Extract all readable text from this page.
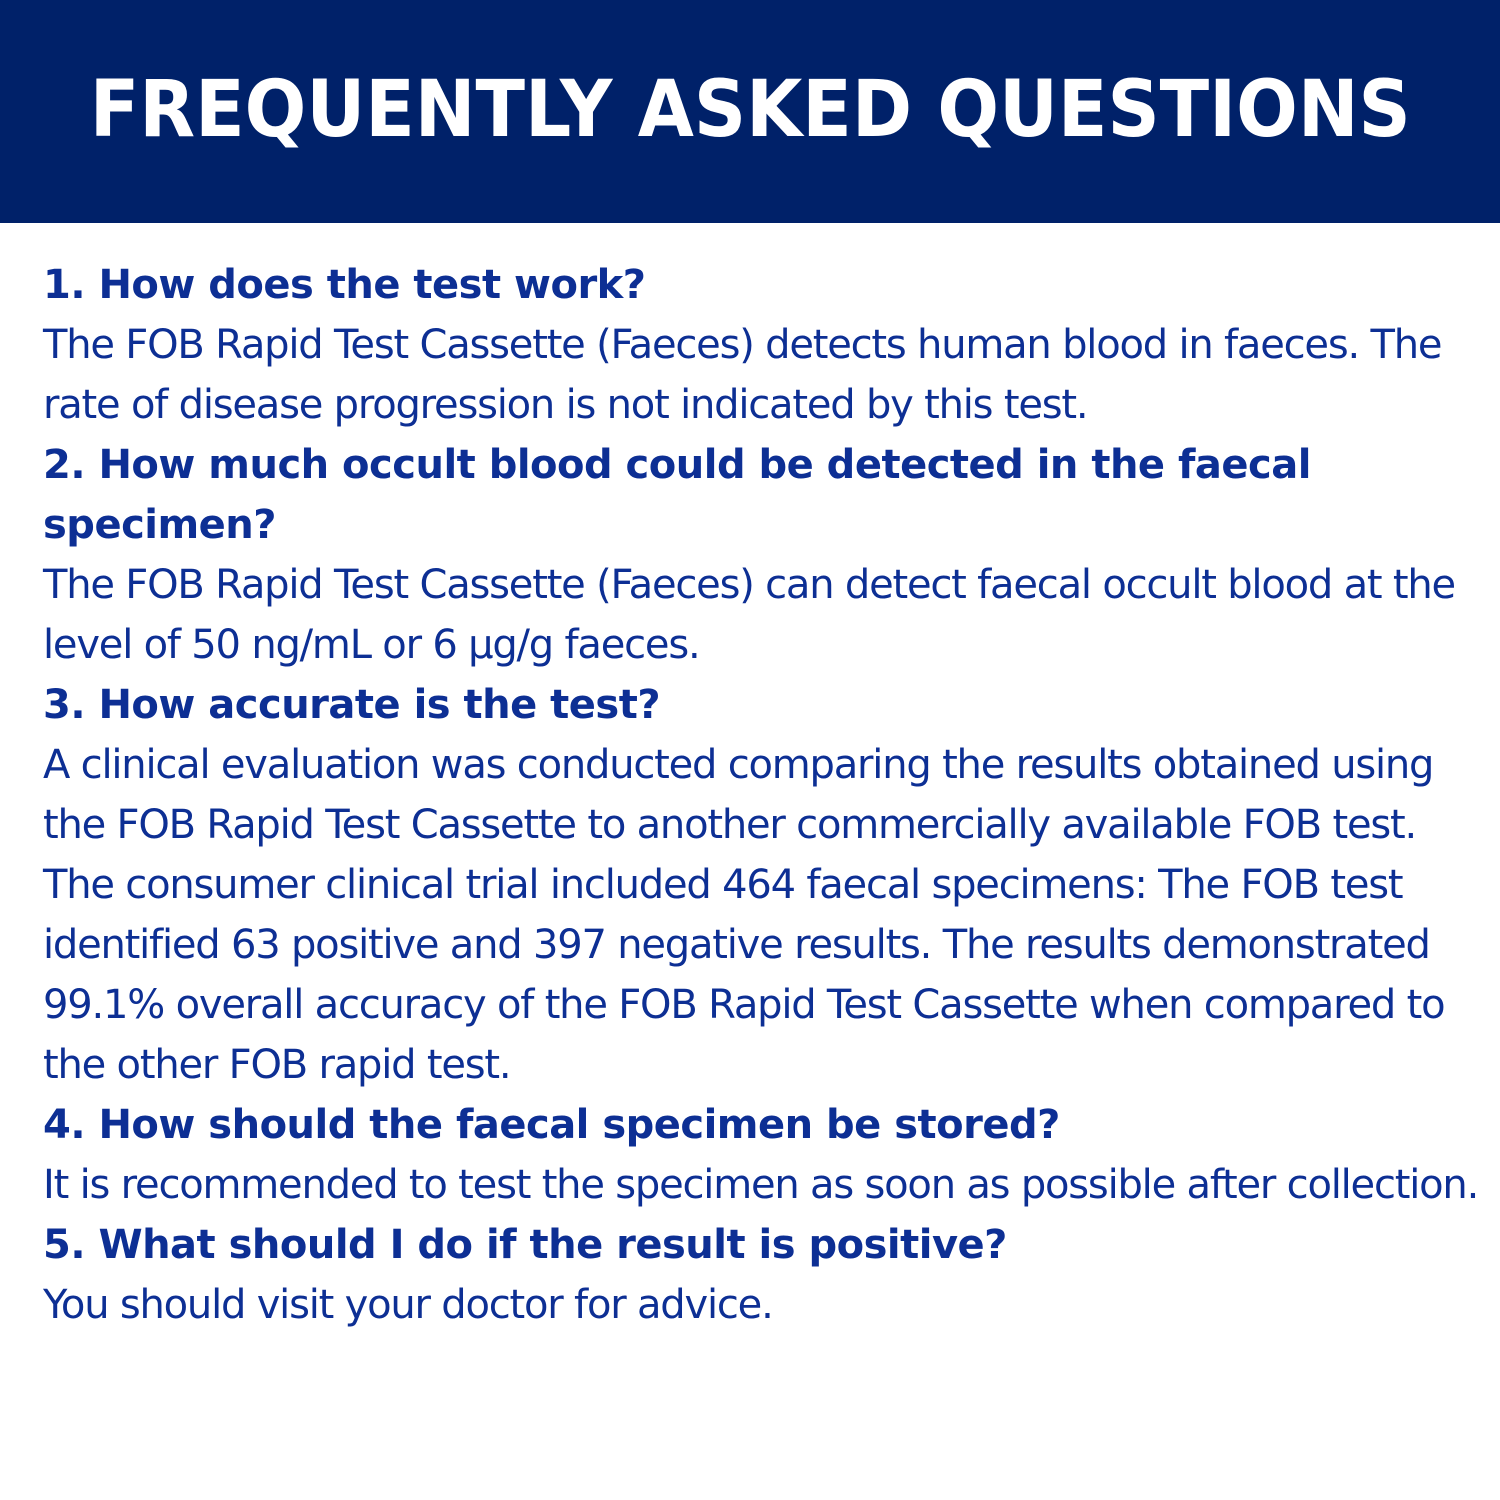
FREQUENTLY ASKED QUESTIONS

1. How does the test work?

The FOB Rapid Test Cassette (Faeces) detects human blood in faeces. The rate of disease progression is not indicated by this test.

2. How much occult blood could be detected in the faecal specimen?

The FOB Rapid Test Cassette (Faeces) can detect faecal occult blood at the level of 50 ng/mL or 6 µg/g faeces.

3. How accurate is the test?

A clinical evaluation was conducted comparing the results obtained using the FOB Rapid Test Cassette to another commercially available FOB test. The consumer clinical trial included 464 faecal specimens: The FOB test identified 63 positive and 397 negative results. The results demonstrated 99.1% overall accuracy of the FOB Rapid Test Cassette when compared to the other FOB rapid test.

4. How should the faecal specimen be stored?

It is recommended to test the specimen as soon as possible after collection.

5. What should I do if the result is positive?

You should visit your doctor for advice.
